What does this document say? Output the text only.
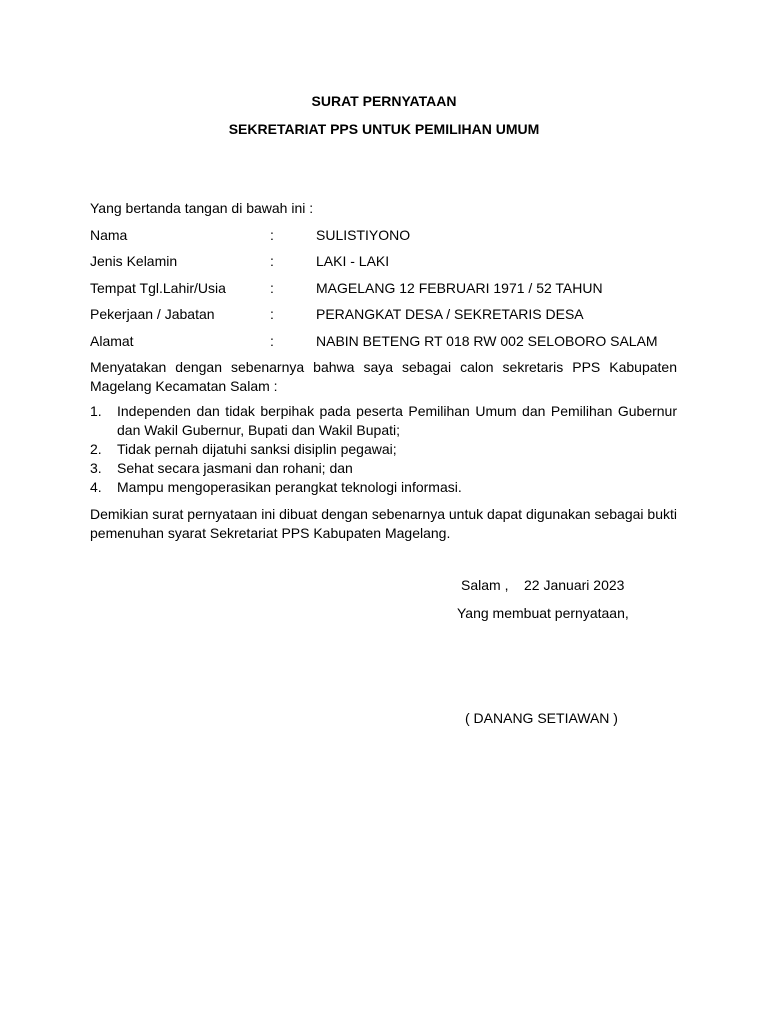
SURAT PERNYATAAN
SEKRETARIAT PPS UNTUK PEMILIHAN UMUM
Yang bertanda tangan di bawah ini :
Nama	:	SULISTIYONO
Jenis Kelamin	:	LAKI - LAKI
Tempat Tgl.Lahir/Usia	:	MAGELANG 12 FEBRUARI 1971 / 52 TAHUN
Pekerjaan / Jabatan	:	PERANGKAT DESA / SEKRETARIS DESA
Alamat	:	NABIN BETENG RT 018 RW 002 SELOBORO SALAM
Menyatakan dengan sebenarnya bahwa saya sebagai calon sekretaris PPS Kabupaten Magelang Kecamatan Salam :
1. Independen dan tidak berpihak pada peserta Pemilihan Umum dan Pemilihan Gubernur dan Wakil Gubernur, Bupati dan Wakil Bupati;
2. Tidak pernah dijatuhi sanksi disiplin pegawai;
3. Sehat secara jasmani dan rohani; dan
4. Mampu mengoperasikan perangkat teknologi informasi.
Demikian surat pernyataan ini dibuat dengan sebenarnya untuk dapat digunakan sebagai bukti pemenuhan syarat Sekretariat PPS Kabupaten Magelang.
Salam ,    22 Januari 2023
Yang membuat pernyataan,
( DANANG SETIAWAN )
